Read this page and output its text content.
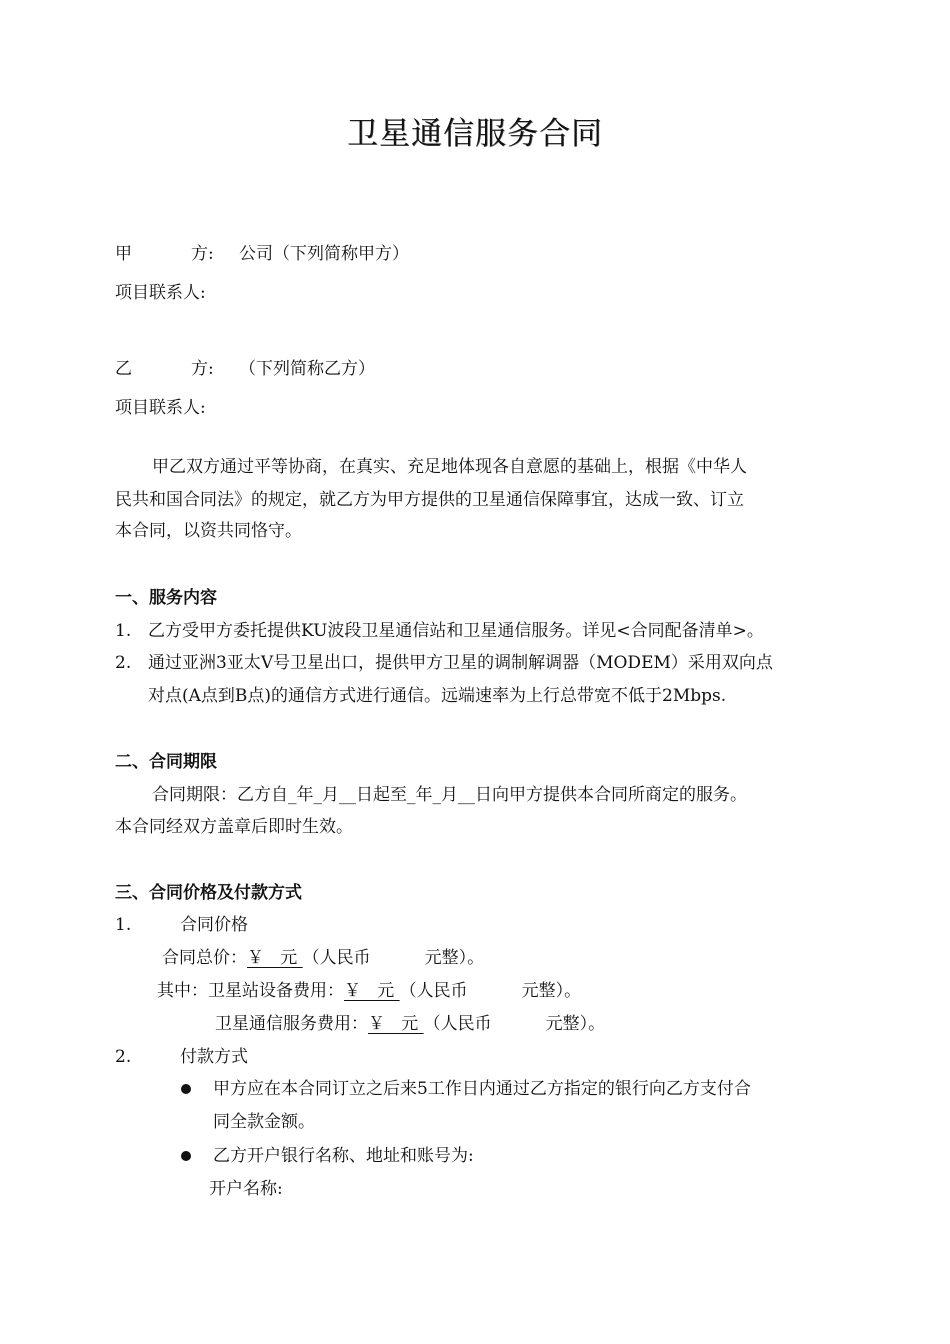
卫星通信服务合同
甲	方: 公司（下列简称甲方）
项目联系人:
乙	方: （下列简称乙方）
项目联系人:
甲乙双方通过平等协商，在真实、充足地体现各自意愿的基础上，根据《中华人
民共和国合同法》的规定，就乙方为甲方提供的卫星通信保障事宜，达成一致、订立
本合同，以资共同恪守。
一、服务内容
1. 乙方受甲方委托提供KU波段卫星通信站和卫星通信服务。详见<合同配备清单>。
2. 通过亚洲3亚太Ⅴ号卫星出口，提供甲方卫星的调制解调器（MODEM）采用双向点
对点(A点到B点)的通信方式进行通信。远端速率为上行总带宽不低于2Mbps.
二、合同期限
合同期限：乙方自_年_月__日起至_年_月__日向甲方提供本合同所商定的服务。
本合同经双方盖章后即时生效。
三、合同价格及付款方式
1.	合同价格
合同总价：￥   元 （人民币          元整）。
其中：卫星站设备费用：￥   元 （人民币          元整）。
卫星通信服务费用：￥   元 （人民币          元整）。
2.	付款方式
甲方应在本合同订立之后来5工作日内通过乙方指定的银行向乙方支付合
同全款金额。
乙方开户银行名称、地址和账号为:
开户名称:
